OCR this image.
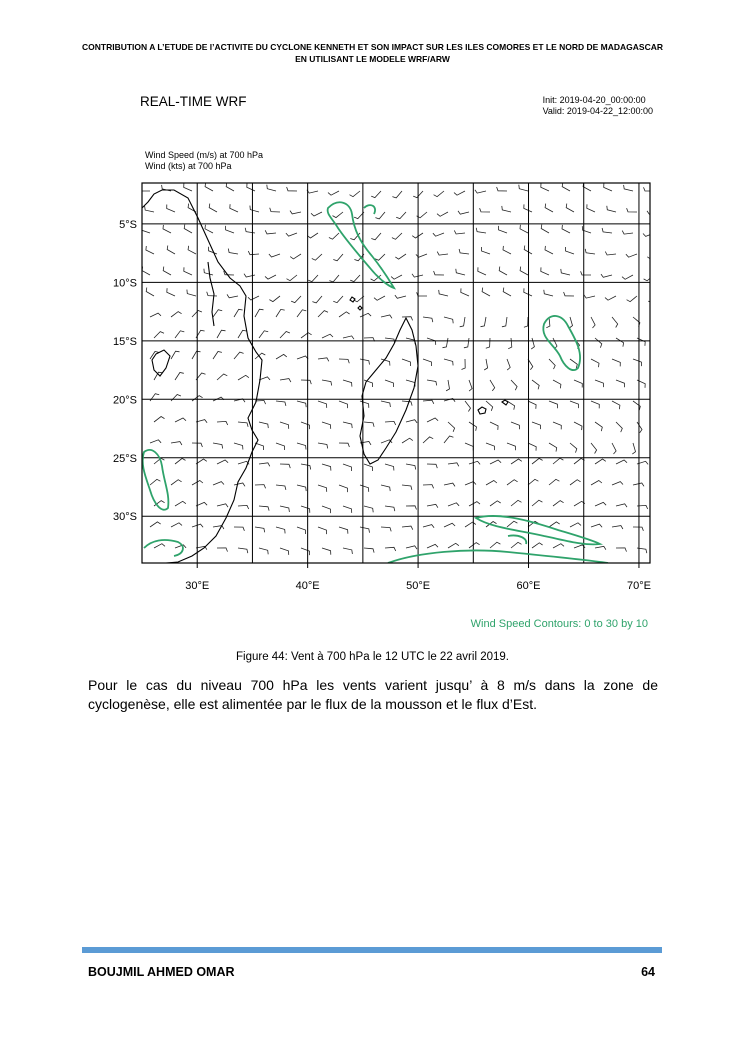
CONTRIBUTION A L’ETUDE DE l’ACTIVITE DU CYCLONE KENNETH ET SON IMPACT SUR LES ILES COMORES ET LE NORD DE MADAGASCAR
EN UTILISANT LE MODELE WRF/ARW
REAL-TIME WRF	Init: 2019-04-20_00:00:00
Valid: 2019-04-22_12:00:00
Wind Speed (m/s) at 700 hPa
Wind (kts) at 700 hPa
5°S
10°S
15°S
20°S
25°S
30°S
30°E	40°E	50°E	60°E	70°E
Wind Speed Contours: 0 to 30 by 10
Figure 44: Vent à 700 hPa le 12 UTC le 22 avril 2019.
Pour le cas du niveau 700 hPa les vents varient jusqu’ à 8 m/s dans la zone de cyclogenèse, elle est alimentée par le flux de la mousson et le flux d’Est.
BOUJMIL AHMED OMAR	64
